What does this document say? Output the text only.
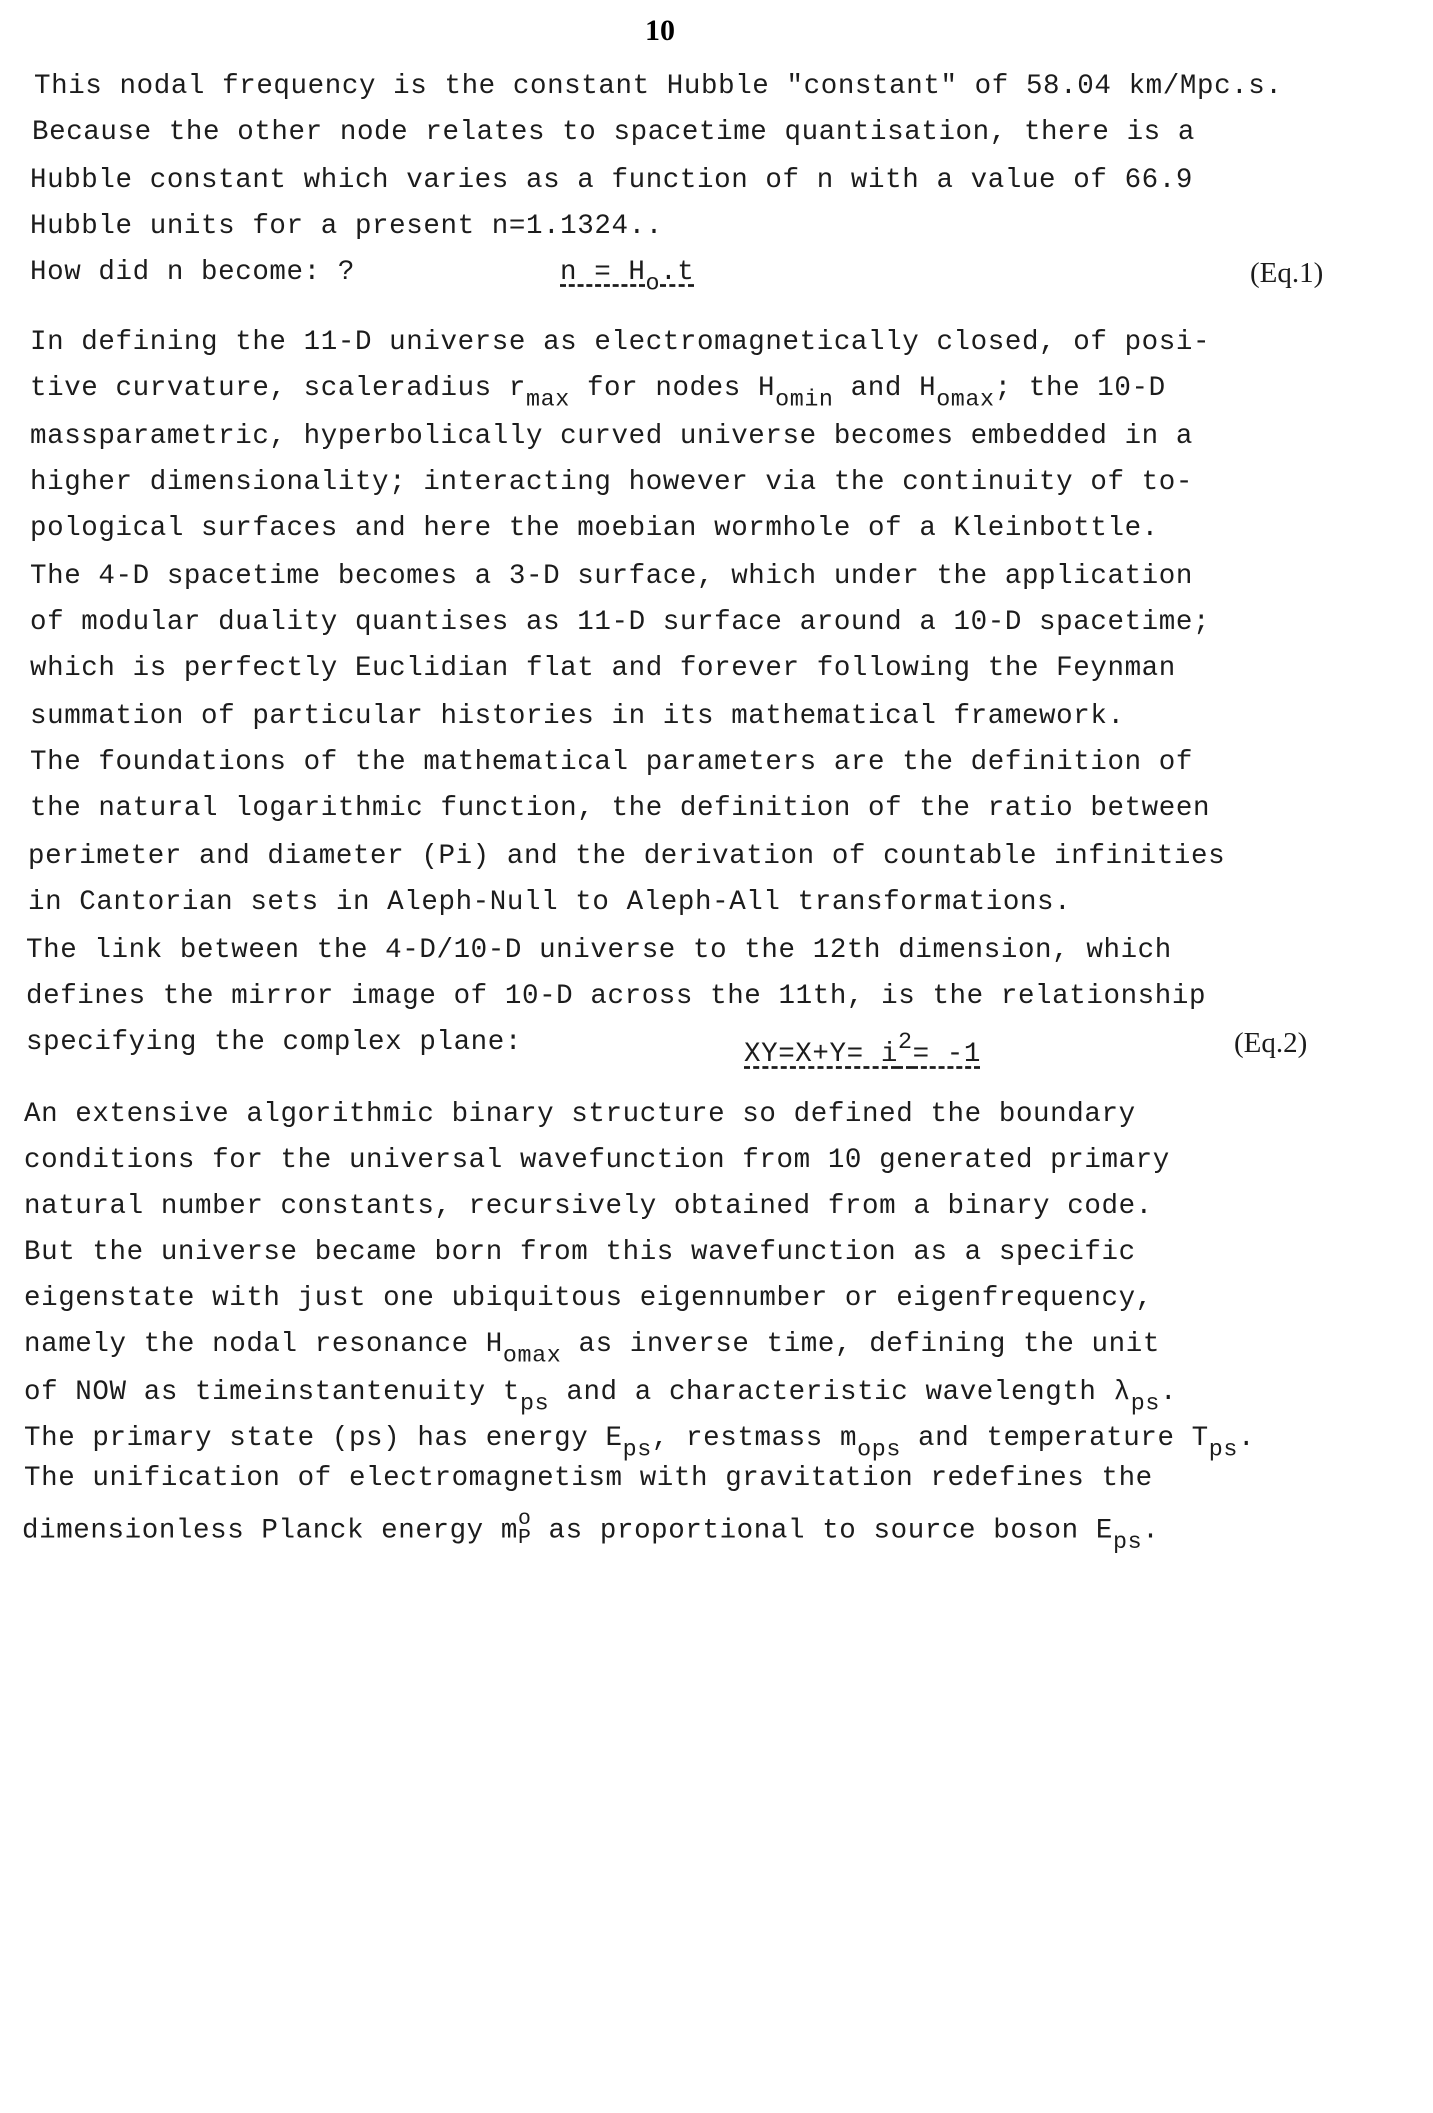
10
This nodal frequency is the constant Hubble "constant" of 58.04 km/Mpc.s.
Because the other node relates to spacetime quantisation, there is a
Hubble constant which varies as a function of n with a value of 66.9
Hubble units for a present n=1.1324..
How did n become: ?	$n = H_o.t$	(Eq.1)
In defining the 11-D universe as electromagnetically closed, of posi-
tive curvature, scaleradius $r_{max}$ for nodes $H_{omin}$ and $H_{omax}$; the 10-D
massparametric, hyperbolically curved universe becomes embedded in a
higher dimensionality; interacting however via the continuity of to-
pological surfaces and here the moebian wormhole of a Kleinbottle.
The 4-D spacetime becomes a 3-D surface, which under the application
of modular duality quantises as 11-D surface around a 10-D spacetime;
which is perfectly Euclidian flat and forever following the Feynman
summation of particular histories in its mathematical framework.
The foundations of the mathematical parameters are the definition of
the natural logarithmic function, the definition of the ratio between
perimeter and diameter (Pi) and the derivation of countable infinities
in Cantorian sets in Aleph-Null to Aleph-All transformations.
The link between the 4-D/10-D universe to the 12th dimension, which
defines the mirror image of 10-D across the 11th, is the relationship
specifying the complex plane:	$XY=X+Y= i^2= -1$	(Eq.2)
An extensive algorithmic binary structure so defined the boundary
conditions for the universal wavefunction from 10 generated primary
natural number constants, recursively obtained from a binary code.
But the universe became born from this wavefunction as a specific
eigenstate with just one ubiquitous eigennumber or eigenfrequency,
namely the nodal resonance $H_{omax}$ as inverse time, defining the unit
of NOW as timeinstantenuity $t_{ps}$ and a characteristic wavelength $\lambda_{ps}$.
The primary state (ps) has energy $E_{ps}$, restmass $m_{ops}$ and temperature $T_{ps}$.
The unification of electromagnetism with gravitation redefines the
dimensionless Planck energy m o
P as proportional to source boson $E_{ps}$.
